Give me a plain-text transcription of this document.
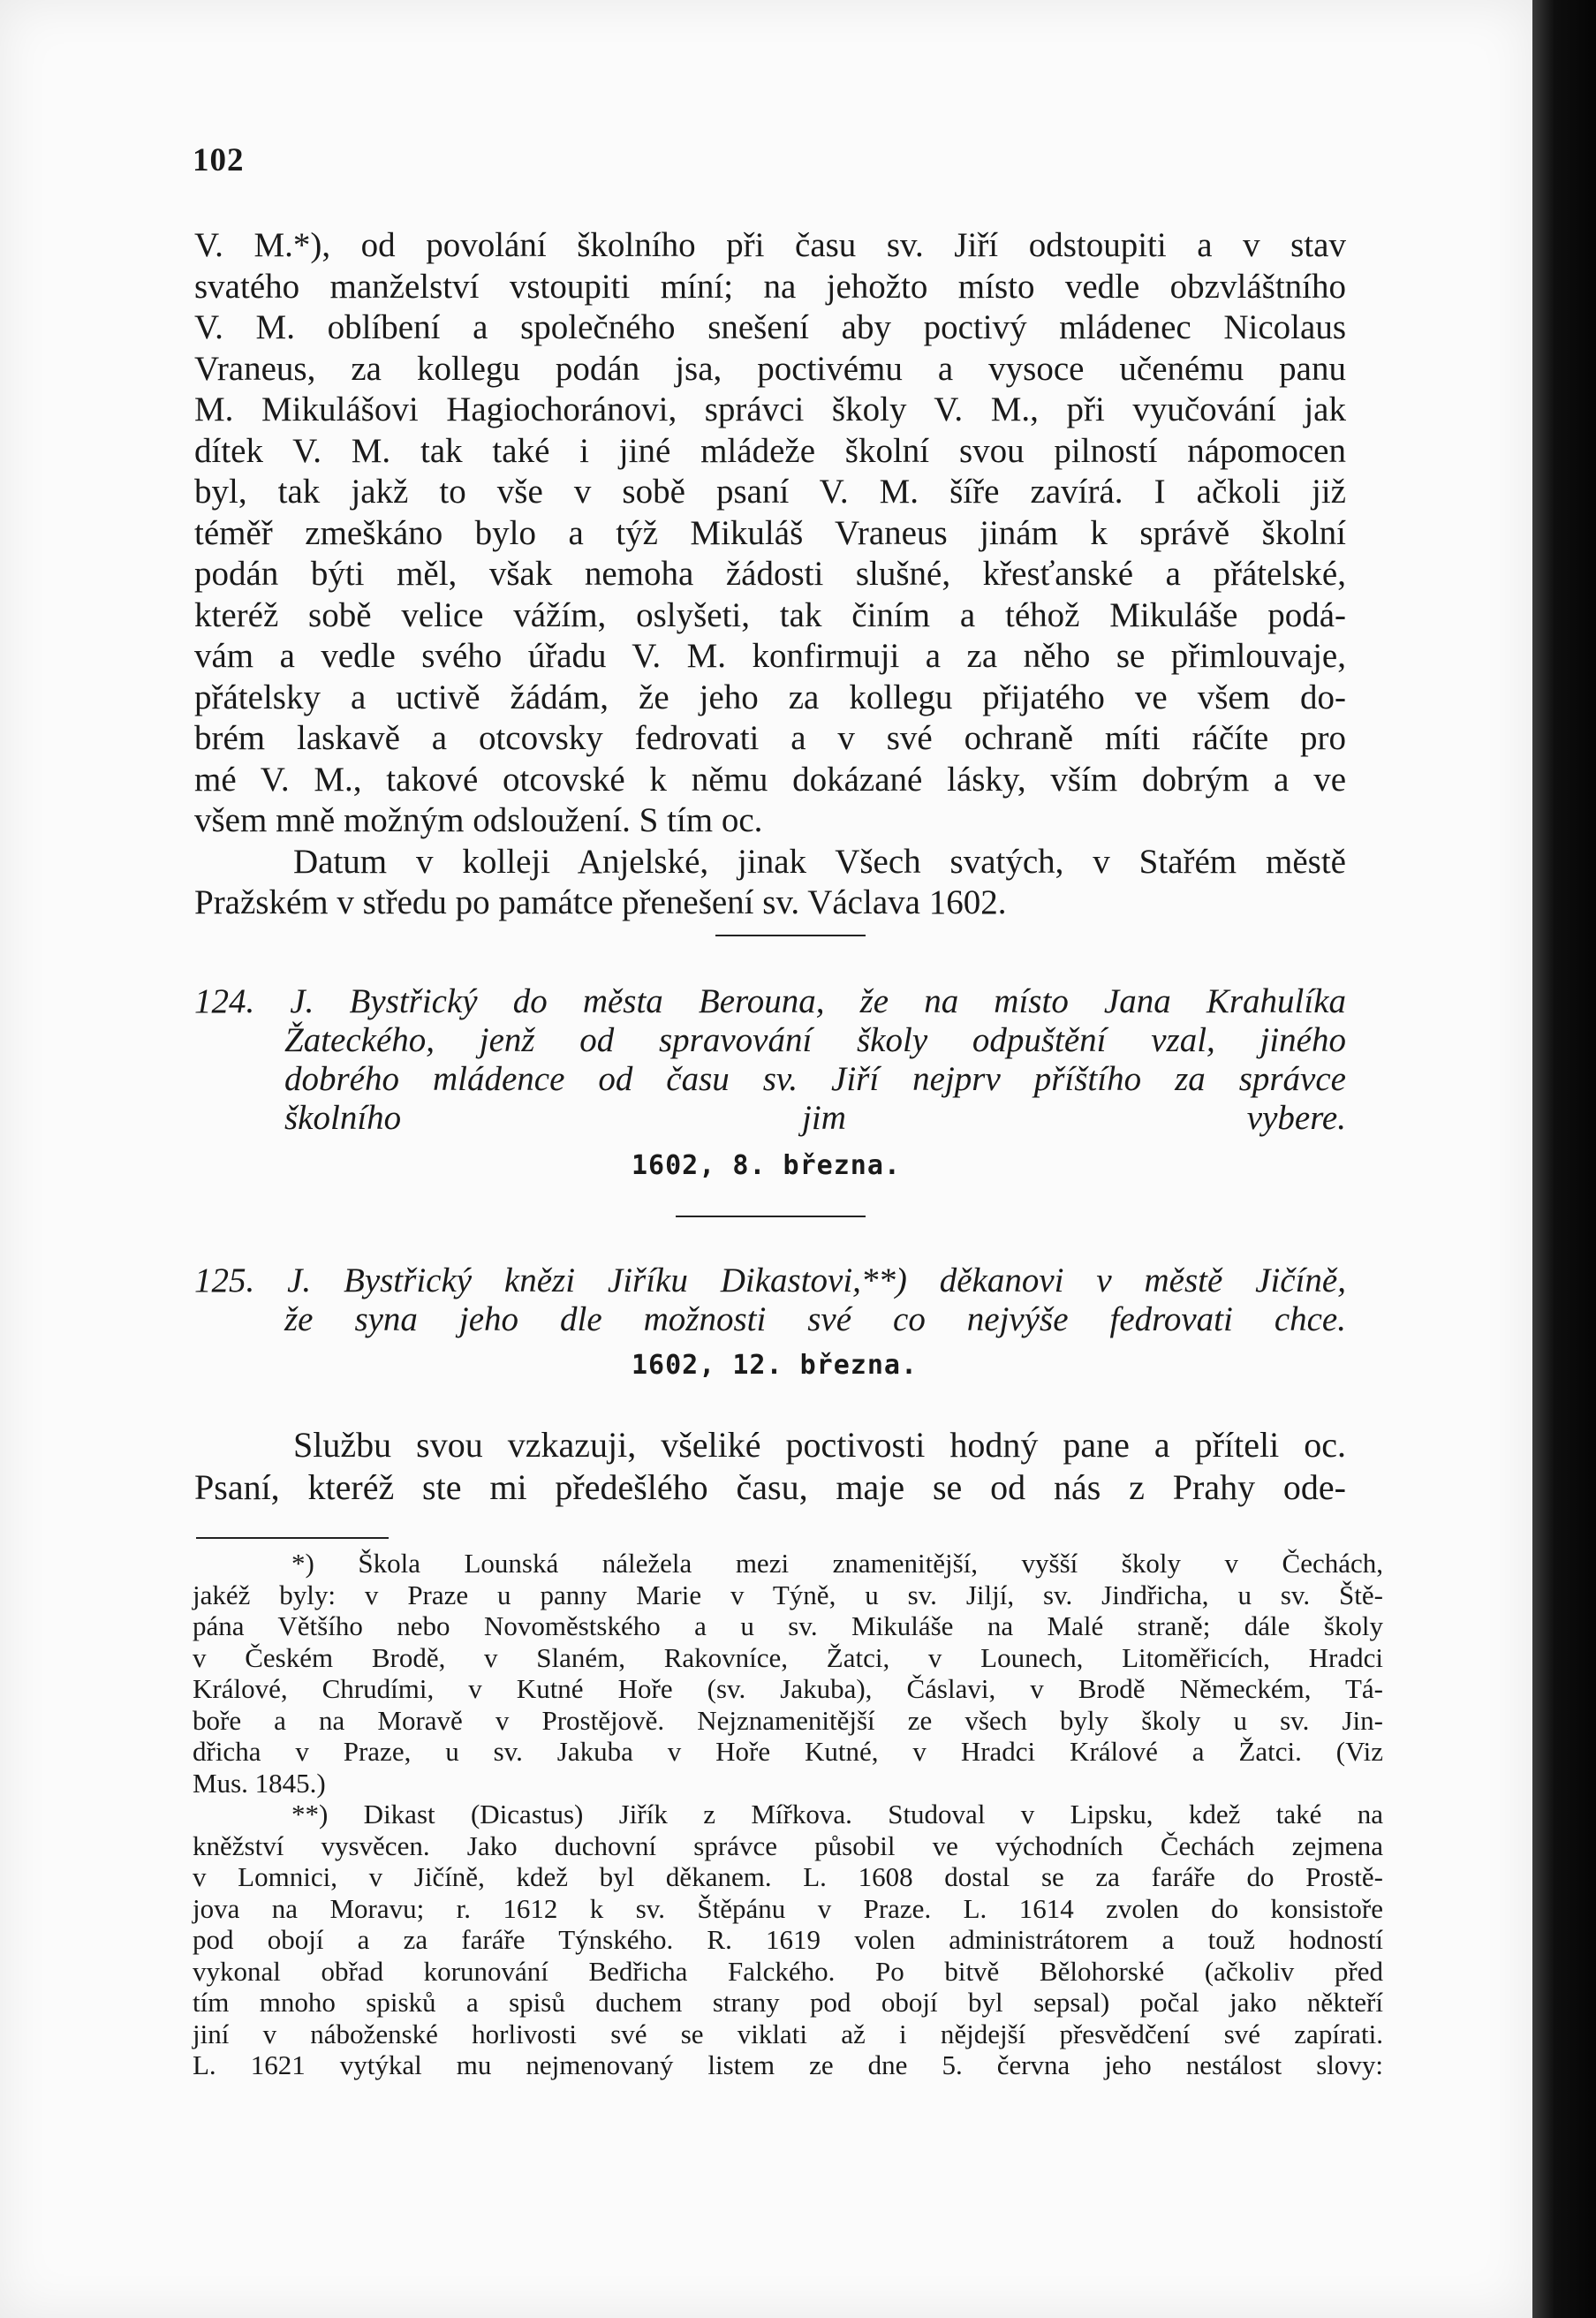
102
V. M.*), od povolání školního při času sv. Jiří odstoupiti a v stav
svatého manželství vstoupiti míní; na jehožto místo vedle obzvláštního
V. M. oblíbení a společného snešení aby poctivý mládenec Nicolaus
Vraneus, za kollegu podán jsa, poctivému a vysoce učenému panu
M. Mikulášovi Hagiochoránovi, správci školy V. M., při vyučování jak
dítek V. M. tak také i jiné mládeže školní svou pilností nápomocen
byl, tak jakž to vše v sobě psaní V. M. šíře zavírá. I ačkoli již
téměř zmeškáno bylo a týž Mikuláš Vraneus jinám k správě školní
podán býti měl, však nemoha žádosti slušné, křesťanské a přátelské,
kteréž sobě velice vážím, oslyšeti, tak činím a téhož Mikuláše podá-
vám a vedle svého úřadu V. M. konfirmuji a za něho se přimlouvaje,
přátelsky a uctivě žádám, že jeho za kollegu přijatého ve všem do-
brém laskavě a otcovsky fedrovati a v své ochraně míti ráčíte pro
mé V. M., takové otcovské k němu dokázané lásky, vším dobrým a ve
všem mně možným odsloužení. S tím oc.
Datum v kolleji Anjelské, jinak Všech svatých, v Stařém městě
Pražském v středu po památce přenešení sv. Václava 1602.
124. J. Bystřický do města Berouna, že na místo Jana Krahulíka
Žateckého, jenž od spravování školy odpuštění vzal, jiného
dobrého mládence od času sv. Jiří nejprv příštího za správce
školního jim vybere.
1602, 8. března.
125. J. Bystřický knězi Jiříku Dikastovi,**) děkanovi v městě Jičíně,
že syna jeho dle možnosti své co nejvýše fedrovati chce.
1602, 12. března.
Službu svou vzkazuji, všeliké poctivosti hodný pane a příteli oc.
Psaní, kteréž ste mi předešlého času, maje se od nás z Prahy ode-
*) Škola Lounská náležela mezi znamenitější, vyšší školy v Čechách,
jakéž byly: v Praze u panny Marie v Týně, u sv. Jiljí, sv. Jindřicha, u sv. Ště-
pána Většího nebo Novoměstského a u sv. Mikuláše na Malé straně; dále školy
v Českém Brodě, v Slaném, Rakovníce, Žatci, v Lounech, Litoměřicích, Hradci
Králové, Chrudími, v Kutné Hoře (sv. Jakuba), Čáslavi, v Brodě Německém, Tá-
boře a na Moravě v Prostějově. Nejznamenitější ze všech byly školy u sv. Jin-
dřicha v Praze, u sv. Jakuba v Hoře Kutné, v Hradci Králové a Žatci. (Viz
Mus. 1845.)
**) Dikast (Dicastus) Jiřík z Mířkova. Studoval v Lipsku, kdež také na
kněžství vysvěcen. Jako duchovní správce působil ve východních Čechách zejmena
v Lomnici, v Jičíně, kdež byl děkanem. L. 1608 dostal se za faráře do Prostě-
jova na Moravu; r. 1612 k sv. Štěpánu v Praze. L. 1614 zvolen do konsistoře
pod obojí a za faráře Týnského. R. 1619 volen administrátorem a touž hodností
vykonal obřad korunování Bedřicha Falckého. Po bitvě Bělohorské (ačkoliv před
tím mnoho spisků a spisů duchem strany pod obojí byl sepsal) počal jako někteří
jiní v náboženské horlivosti své se viklati až i nějdejší přesvědčení své zapírati.
L. 1621 vytýkal mu nejmenovaný listem ze dne 5. června jeho nestálost slovy:
